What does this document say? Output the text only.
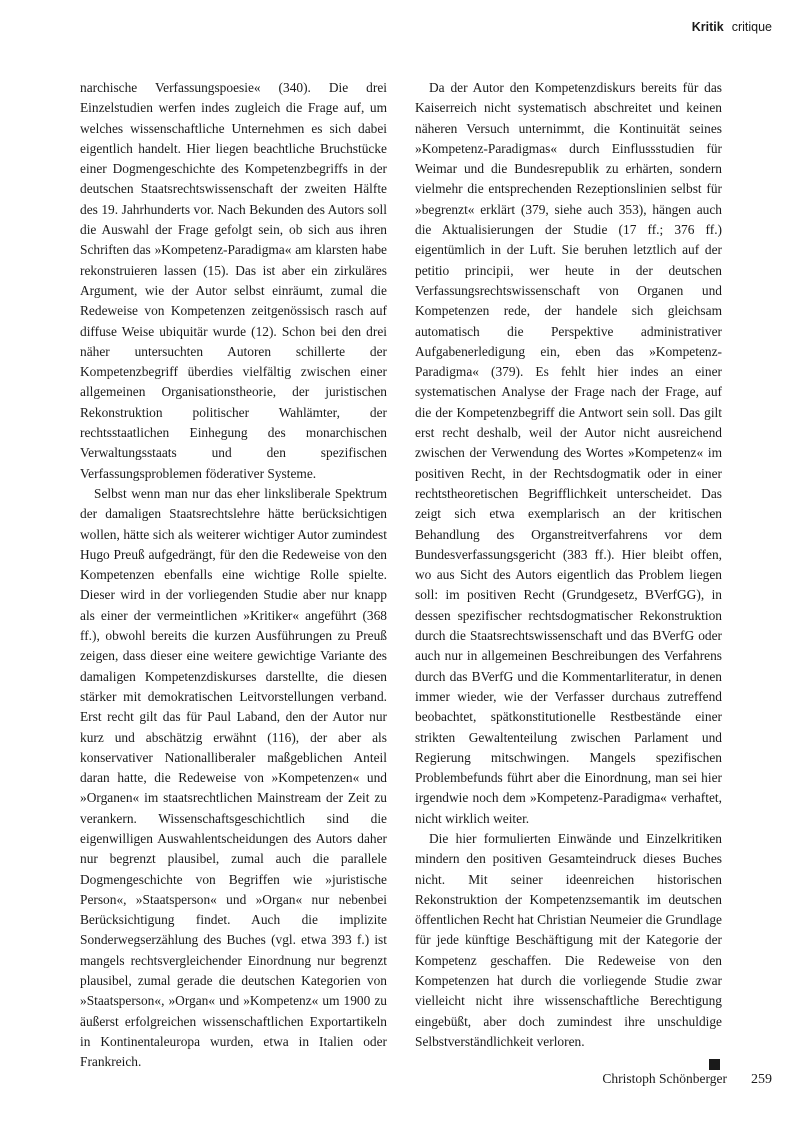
Kritik critique

narchische Verfassungspoesie« (340). Die drei Einzelstudien werfen indes zugleich die Frage auf, um welches wissenschaftliche Unternehmen es sich dabei eigentlich handelt. Hier liegen beachtliche Bruchstücke einer Dogmengeschichte des Kompetenzbegriffs in der deutschen Staatsrechtswissenschaft der zweiten Hälfte des 19. Jahrhunderts vor. Nach Bekunden des Autors soll die Auswahl der Frage gefolgt sein, ob sich aus ihren Schriften das »Kompetenz-Paradigma« am klarsten habe rekonstruieren lassen (15). Das ist aber ein zirkuläres Argument, wie der Autor selbst einräumt, zumal die Redeweise von Kompetenzen zeitgenössisch rasch auf diffuse Weise ubiquitär wurde (12). Schon bei den drei näher untersuchten Autoren schillerte der Kompetenzbegriff überdies vielfältig zwischen einer allgemeinen Organisationstheorie, der juristischen Rekonstruktion politischer Wahlämter, der rechtsstaatlichen Einhegung des monarchischen Verwaltungsstaats und den spezifischen Verfassungsproblemen föderativer Systeme.

Selbst wenn man nur das eher linksliberale Spektrum der damaligen Staatsrechtslehre hätte berücksichtigen wollen, hätte sich als weiterer wichtiger Autor zumindest Hugo Preuß aufgedrängt, für den die Redeweise von den Kompetenzen ebenfalls eine wichtige Rolle spielte. Dieser wird in der vorliegenden Studie aber nur knapp als einer der vermeintlichen »Kritiker« angeführt (368 ff.), obwohl bereits die kurzen Ausführungen zu Preuß zeigen, dass dieser eine weitere gewichtige Variante des damaligen Kompetenzdiskurses darstellte, die diesen stärker mit demokratischen Leitvorstellungen verband. Erst recht gilt das für Paul Laband, den der Autor nur kurz und abschätzig erwähnt (116), der aber als konservativer Nationalliberaler maßgeblichen Anteil daran hatte, die Redeweise von »Kompetenzen« und »Organen« im staatsrechtlichen Mainstream der Zeit zu verankern. Wissenschaftsgeschichtlich sind die eigenwilligen Auswahlentscheidungen des Autors daher nur begrenzt plausibel, zumal auch die parallele Dogmengeschichte von Begriffen wie »juristische Person«, »Staatsperson« und »Organ« nur nebenbei Berücksichtigung findet. Auch die implizite Sonderwegserzählung des Buches (vgl. etwa 393 f.) ist mangels rechtsvergleichender Einordnung nur begrenzt plausibel, zumal gerade die deutschen Kategorien von »Staatsperson«, »Organ« und »Kompetenz« um 1900 zu äußerst erfolgreichen wissenschaftlichen Exportartikeln in Kontinentaleuropa wurden, etwa in Italien oder Frankreich.

Da der Autor den Kompetenzdiskurs bereits für das Kaiserreich nicht systematisch abschreitet und keinen näheren Versuch unternimmt, die Kontinuität seines »Kompetenz-Paradigmas« durch Einflussstudien für Weimar und die Bundesrepublik zu erhärten, sondern vielmehr die entsprechenden Rezeptionslinien selbst für »begrenzt« erklärt (379, siehe auch 353), hängen auch die Aktualisierungen der Studie (17 ff.; 376 ff.) eigentümlich in der Luft. Sie beruhen letztlich auf der petitio principii, wer heute in der deutschen Verfassungsrechtswissenschaft von Organen und Kompetenzen rede, der handele sich gleichsam automatisch die Perspektive administrativer Aufgabenerledigung ein, eben das »Kompetenz-Paradigma« (379). Es fehlt hier indes an einer systematischen Analyse der Frage nach der Frage, auf die der Kompetenzbegriff die Antwort sein soll. Das gilt erst recht deshalb, weil der Autor nicht ausreichend zwischen der Verwendung des Wortes »Kompetenz« im positiven Recht, in der Rechtsdogmatik oder in einer rechtstheoretischen Begrifflichkeit unterscheidet. Das zeigt sich etwa exemplarisch an der kritischen Behandlung des Organstreitverfahrens vor dem Bundesverfassungsgericht (383 ff.). Hier bleibt offen, wo aus Sicht des Autors eigentlich das Problem liegen soll: im positiven Recht (Grundgesetz, BVerfGG), in dessen spezifischer rechtsdogmatischer Rekonstruktion durch die Staatsrechtswissenschaft und das BVerfG oder auch nur in allgemeinen Beschreibungen des Verfahrens durch das BVerfG und die Kommentarliteratur, in denen immer wieder, wie der Verfasser durchaus zutreffend beobachtet, spätkonstitutionelle Restbestände einer strikten Gewaltenteilung zwischen Parlament und Regierung mitschwingen. Mangels spezifischen Problembefunds führt aber die Einordnung, man sei hier irgendwie noch dem »Kompetenz-Paradigma« verhaftet, nicht wirklich weiter.

Die hier formulierten Einwände und Einzelkritiken mindern den positiven Gesamteindruck dieses Buches nicht. Mit seiner ideenreichen historischen Rekonstruktion der Kompetenzsemantik im deutschen öffentlichen Recht hat Christian Neumeier die Grundlage für jede künftige Beschäftigung mit der Kategorie der Kompetenz geschaffen. Die Redeweise von den Kompetenzen hat durch die vorliegende Studie zwar vielleicht nicht ihre wissenschaftliche Berechtigung eingebüßt, aber doch zumindest ihre unschuldige Selbstverständlichkeit verloren.

Christoph Schönberger 259
